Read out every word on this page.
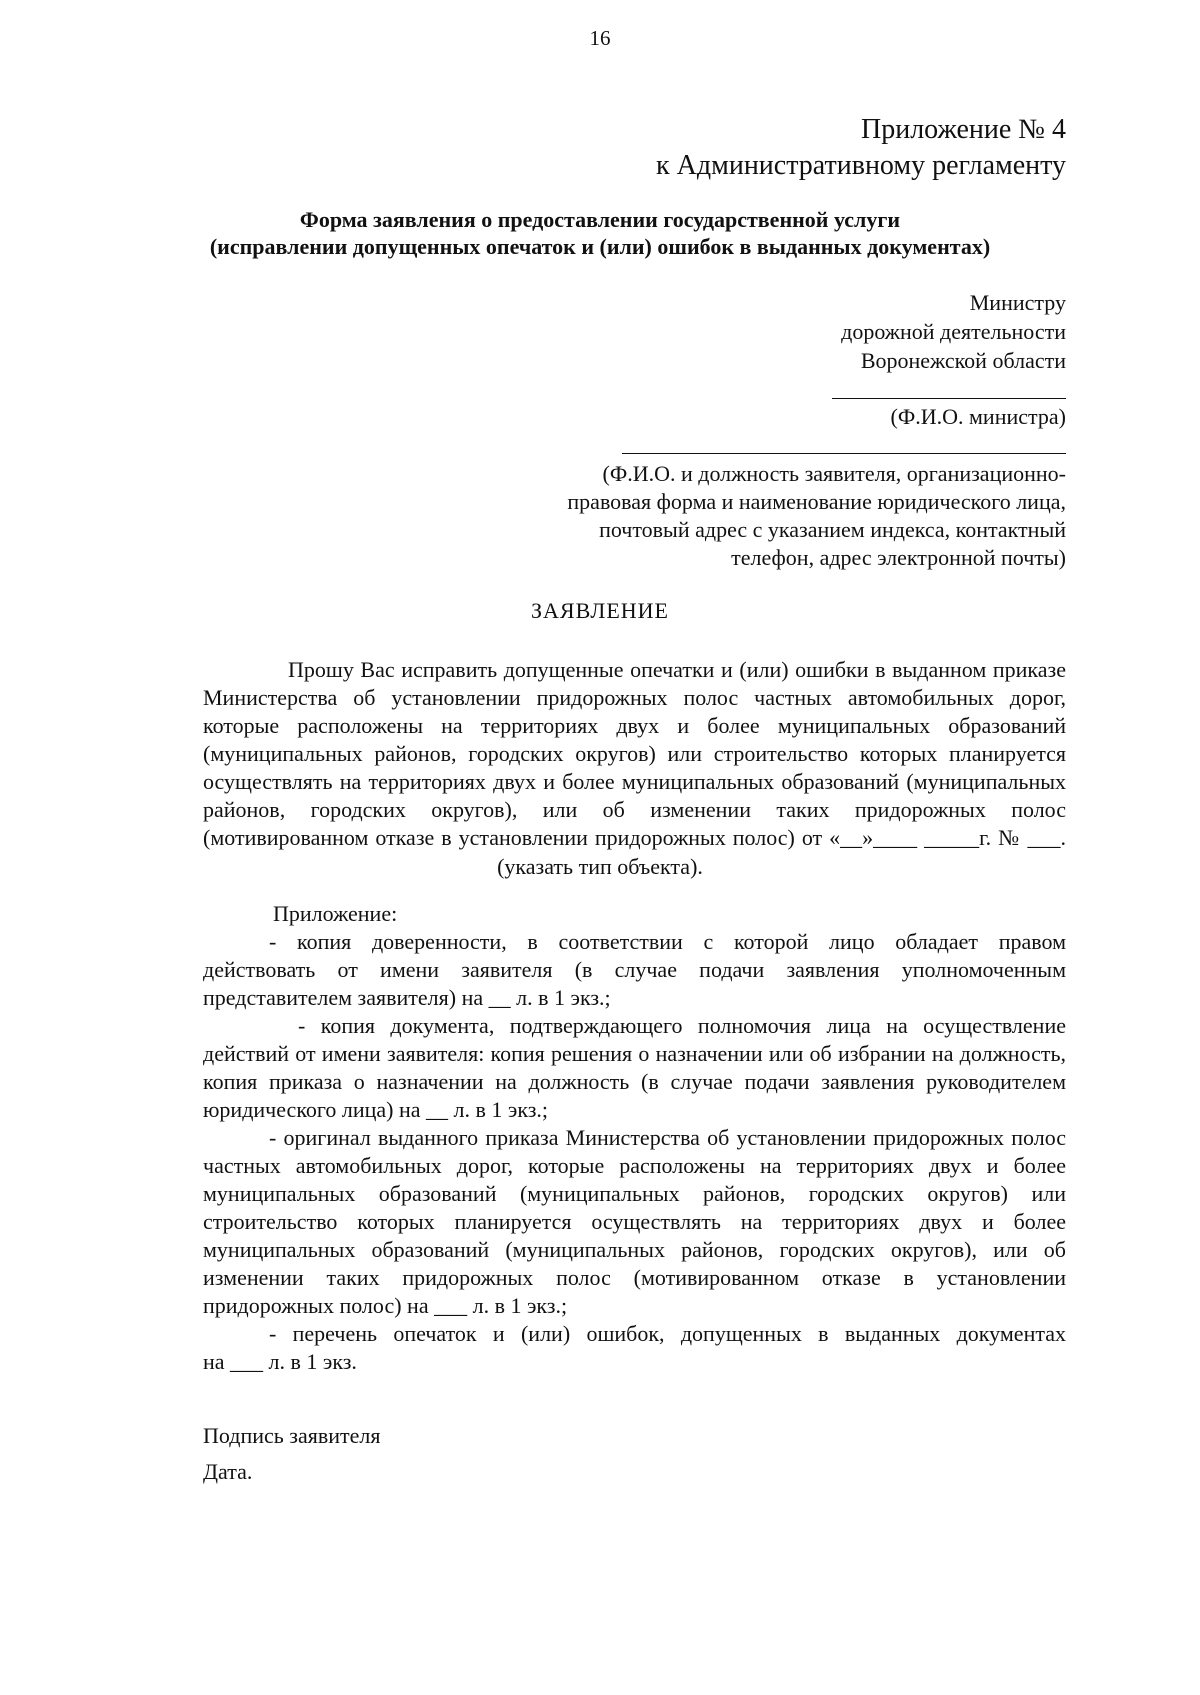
16
Приложение № 4
к Административному регламенту
Форма заявления о предоставлении государственной услуги
(исправлении допущенных опечаток и (или) ошибок в выданных документах)
Министру
дорожной деятельности
Воронежской области
(Ф.И.О. министра)
(Ф.И.О. и должность заявителя, организационно-
правовая форма и наименование юридического лица,
почтовый адрес с указанием индекса, контактный
телефон, адрес электронной почты)
ЗАЯВЛЕНИЕ
Прошу Вас исправить допущенные опечатки и (или) ошибки в выданном приказе
Министерства об установлении придорожных полос частных автомобильных дорог,
которые расположены на территориях двух и более муниципальных образований
(муниципальных районов, городских округов) или строительство которых планируется
осуществлять на территориях двух и более муниципальных образований (муниципальных
районов, городских округов), или об изменении таких придорожных полос
(мотивированном отказе в установлении придорожных полос) от «__»____ _____г. № ___.
(указать тип объекта).
Приложение:
- копия доверенности, в соответствии с которой лицо обладает правом
действовать от имени заявителя (в случае подачи заявления уполномоченным
представителем заявителя) на __ л. в 1 экз.;
- копия документа, подтверждающего полномочия лица на осуществление
действий от имени заявителя: копия решения о назначении или об избрании на должность,
копия приказа о назначении на должность (в случае подачи заявления руководителем
юридического лица) на __ л. в 1 экз.;
- оригинал выданного приказа Министерства об установлении придорожных полос
частных автомобильных дорог, которые расположены на территориях двух и более
муниципальных образований (муниципальных районов, городских округов) или
строительство которых планируется осуществлять на территориях двух и более
муниципальных образований (муниципальных районов, городских округов), или об
изменении таких придорожных полос (мотивированном отказе в установлении
придорожных полос) на ___ л. в 1 экз.;
- перечень опечаток и (или) ошибок, допущенных в выданных документах
на ___ л. в 1 экз.
Подпись заявителя
Дата.
